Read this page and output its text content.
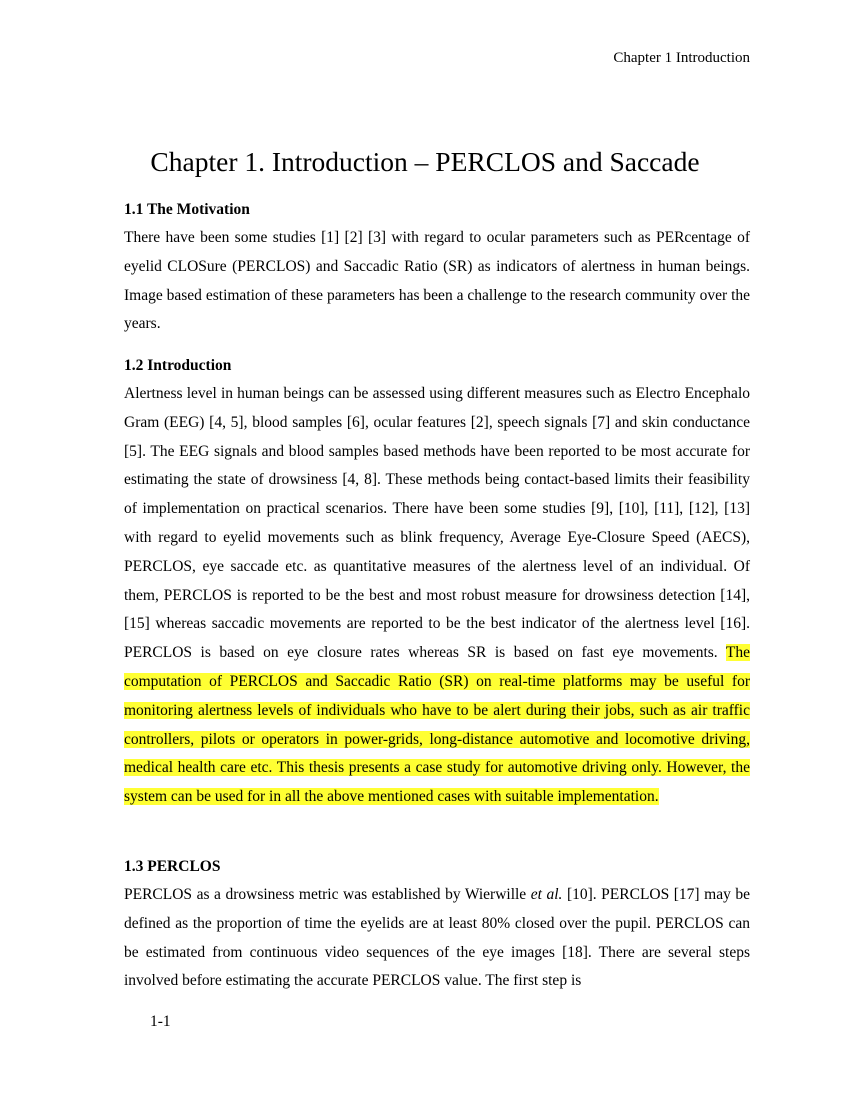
Chapter 1 Introduction
Chapter 1. Introduction – PERCLOS and Saccade
1.1 The Motivation

There have been some studies [1] [2] [3] with regard to ocular parameters such as PERcentage of eyelid CLOSure (PERCLOS) and Saccadic Ratio (SR) as indicators of alertness in human beings. Image based estimation of these parameters has been a challenge to the research community over the years.

1.2 Introduction

Alertness level in human beings can be assessed using different measures such as Electro Encephalo Gram (EEG) [4, 5], blood samples [6], ocular features [2], speech signals [7] and skin conductance [5]. The EEG signals and blood samples based methods have been reported to be most accurate for estimating the state of drowsiness [4, 8]. These methods being contact-based limits their feasibility of implementation on practical scenarios. There have been some studies [9], [10], [11], [12], [13] with regard to eyelid movements such as blink frequency, Average Eye-Closure Speed (AECS), PERCLOS, eye saccade etc. as quantitative measures of the alertness level of an individual. Of them, PERCLOS is reported to be the best and most robust measure for drowsiness detection [14], [15] whereas saccadic movements are reported to be the best indicator of the alertness level [16]. PERCLOS is based on eye closure rates whereas SR is based on fast eye movements. The computation of PERCLOS and Saccadic Ratio (SR) on real-time platforms may be useful for monitoring alertness levels of individuals who have to be alert during their jobs, such as air traffic controllers, pilots or operators in power-grids, long-distance automotive and locomotive driving, medical health care etc. This thesis presents a case study for automotive driving only. However, the system can be used for in all the above mentioned cases with suitable implementation.

1.3 PERCLOS

PERCLOS as a drowsiness metric was established by Wierwille et al. [10]. PERCLOS [17] may be defined as the proportion of time the eyelids are at least 80% closed over the pupil. PERCLOS can be estimated from continuous video sequences of the eye images [18]. There are several steps involved before estimating the accurate PERCLOS value. The first step is

1-1
